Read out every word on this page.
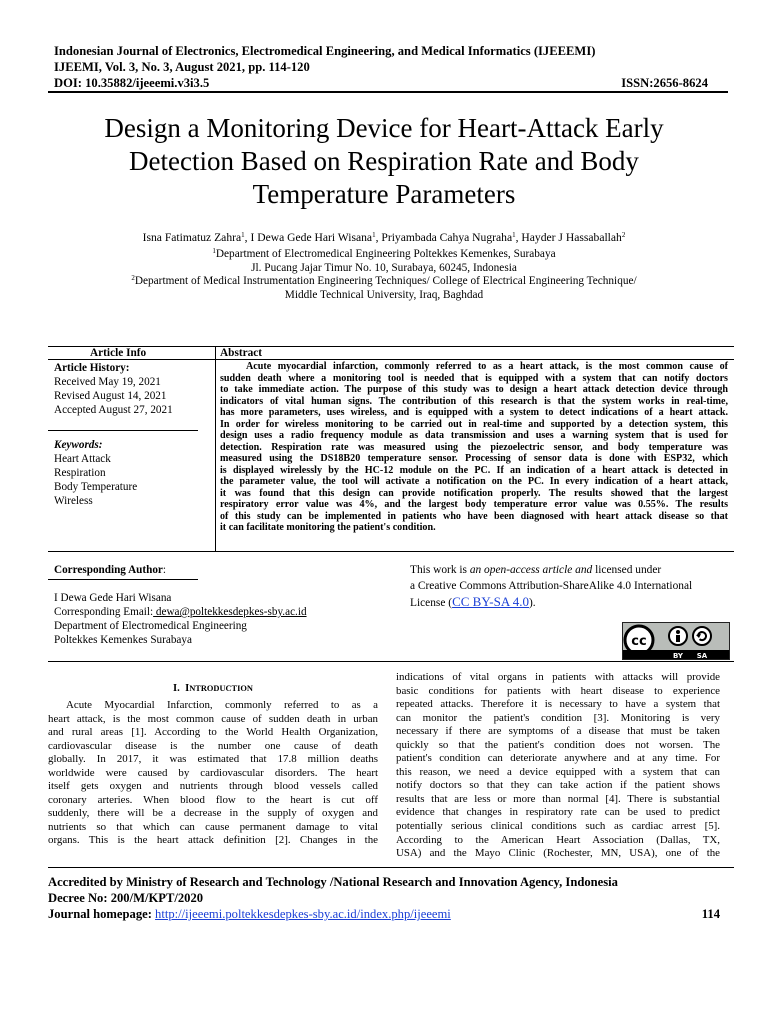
Indonesian Journal of Electronics, Electromedical Engineering, and Medical Informatics (IJEEEMI)
IJEEMI, Vol. 3, No. 3, August 2021, pp. 114-120
DOI: 10.35882/ijeeemi.v3i3.5	ISSN:2656-8624
Design a Monitoring Device for Heart-Attack Early
Detection Based on Respiration Rate and Body
Temperature Parameters
Isna Fatimatuz Zahra$^1$, I Dewa Gede Hari Wisana$^1$, Priyambada Cahya Nugraha$^1$, Hayder J Hassaballah$^2$
$^1$Department of Electromedical Engineering Poltekkes Kemenkes, Surabaya
Jl. Pucang Jajar Timur No. 10, Surabaya, 60245, Indonesia
$^2$Department of Medical Instrumentation Engineering Techniques/ College of Electrical Engineering Technique/
Middle Technical University, Iraq, Baghdad
Article Info	Abstract
Article History:
Received May 19, 2021
Revised August 14, 2021
Accepted August 27, 2021
Keywords:
Heart Attack
Respiration
Body Temperature
Wireless
Acute myocardial infarction, commonly referred to as a heart attack, is the most common cause of
sudden death where a monitoring tool is needed that is equipped with a system that can notify doctors
to take immediate action. The purpose of this study was to design a heart attack detection device through
indicators of vital human signs. The contribution of this research is that the system works in real-time,
has more parameters, uses wireless, and is equipped with a system to detect indications of a heart attack.
In order for wireless monitoring to be carried out in real-time and supported by a detection system, this
design uses a radio frequency module as data transmission and uses a warning system that is used for
detection. Respiration rate was measured using the piezoelectric sensor, and body temperature was
measured using the DS18B20 temperature sensor. Processing of sensor data is done with ESP32, which
is displayed wirelessly by the HC-12 module on the PC. If an indication of a heart attack is detected in
the parameter value, the tool will activate a notification on the PC. In every indication of a heart attack,
it was found that this design can provide notification properly. The results showed that the largest
respiratory error value was 4%, and the largest body temperature error value was 0.55%. The results
of this study can be implemented in patients who have been diagnosed with heart attack disease so that
it can facilitate monitoring the patient's condition.
Corresponding Author:
I Dewa Gede Hari Wisana
Corresponding Email: dewa@poltekkesdepkes-sby.ac.id
Department of Electromedical Engineering
Poltekkes Kemenkes Surabaya
This work is an open-access article and licensed under
a Creative Commons Attribution-ShareAlike 4.0 International
License (CC BY-SA 4.0).
cc
BY SA
I. INTRODUCTION
Acute Myocardial Infarction, commonly referred to as a
heart attack, is the most common cause of sudden death in urban
and rural areas [1]. According to the World Health Organization,
cardiovascular disease is the number one cause of death
globally. In 2017, it was estimated that 17.8 million deaths
worldwide were caused by cardiovascular disorders. The heart
itself gets oxygen and nutrients through blood vessels called
coronary arteries. When blood flow to the heart is cut off
suddenly, there will be a decrease in the supply of oxygen and
nutrients so that which can cause permanent damage to vital
organs. This is the heart attack definition [2]. Changes in the
indications of vital organs in patients with attacks will provide
basic conditions for patients with heart disease to experience
repeated attacks. Therefore it is necessary to have a system that
can monitor the patient's condition [3]. Monitoring is very
necessary if there are symptoms of a disease that must be taken
quickly so that the patient's condition does not worsen. The
patient's condition can deteriorate anywhere and at any time. For
this reason, we need a device equipped with a system that can
notify doctors so that they can take action if the patient shows
results that are less or more than normal [4]. There is substantial
evidence that changes in respiratory rate can be used to predict
potentially serious clinical conditions such as cardiac arrest [5].
According to the American Heart Association (Dallas, TX,
USA) and the Mayo Clinic (Rochester, MN, USA), one of the
Accredited by Ministry of Research and Technology /National Research and Innovation Agency, Indonesia
Decree No: 200/M/KPT/2020
Journal homepage: http://ijeeemi.poltekkesdepkes-sby.ac.id/index.php/ijeeemi	114
